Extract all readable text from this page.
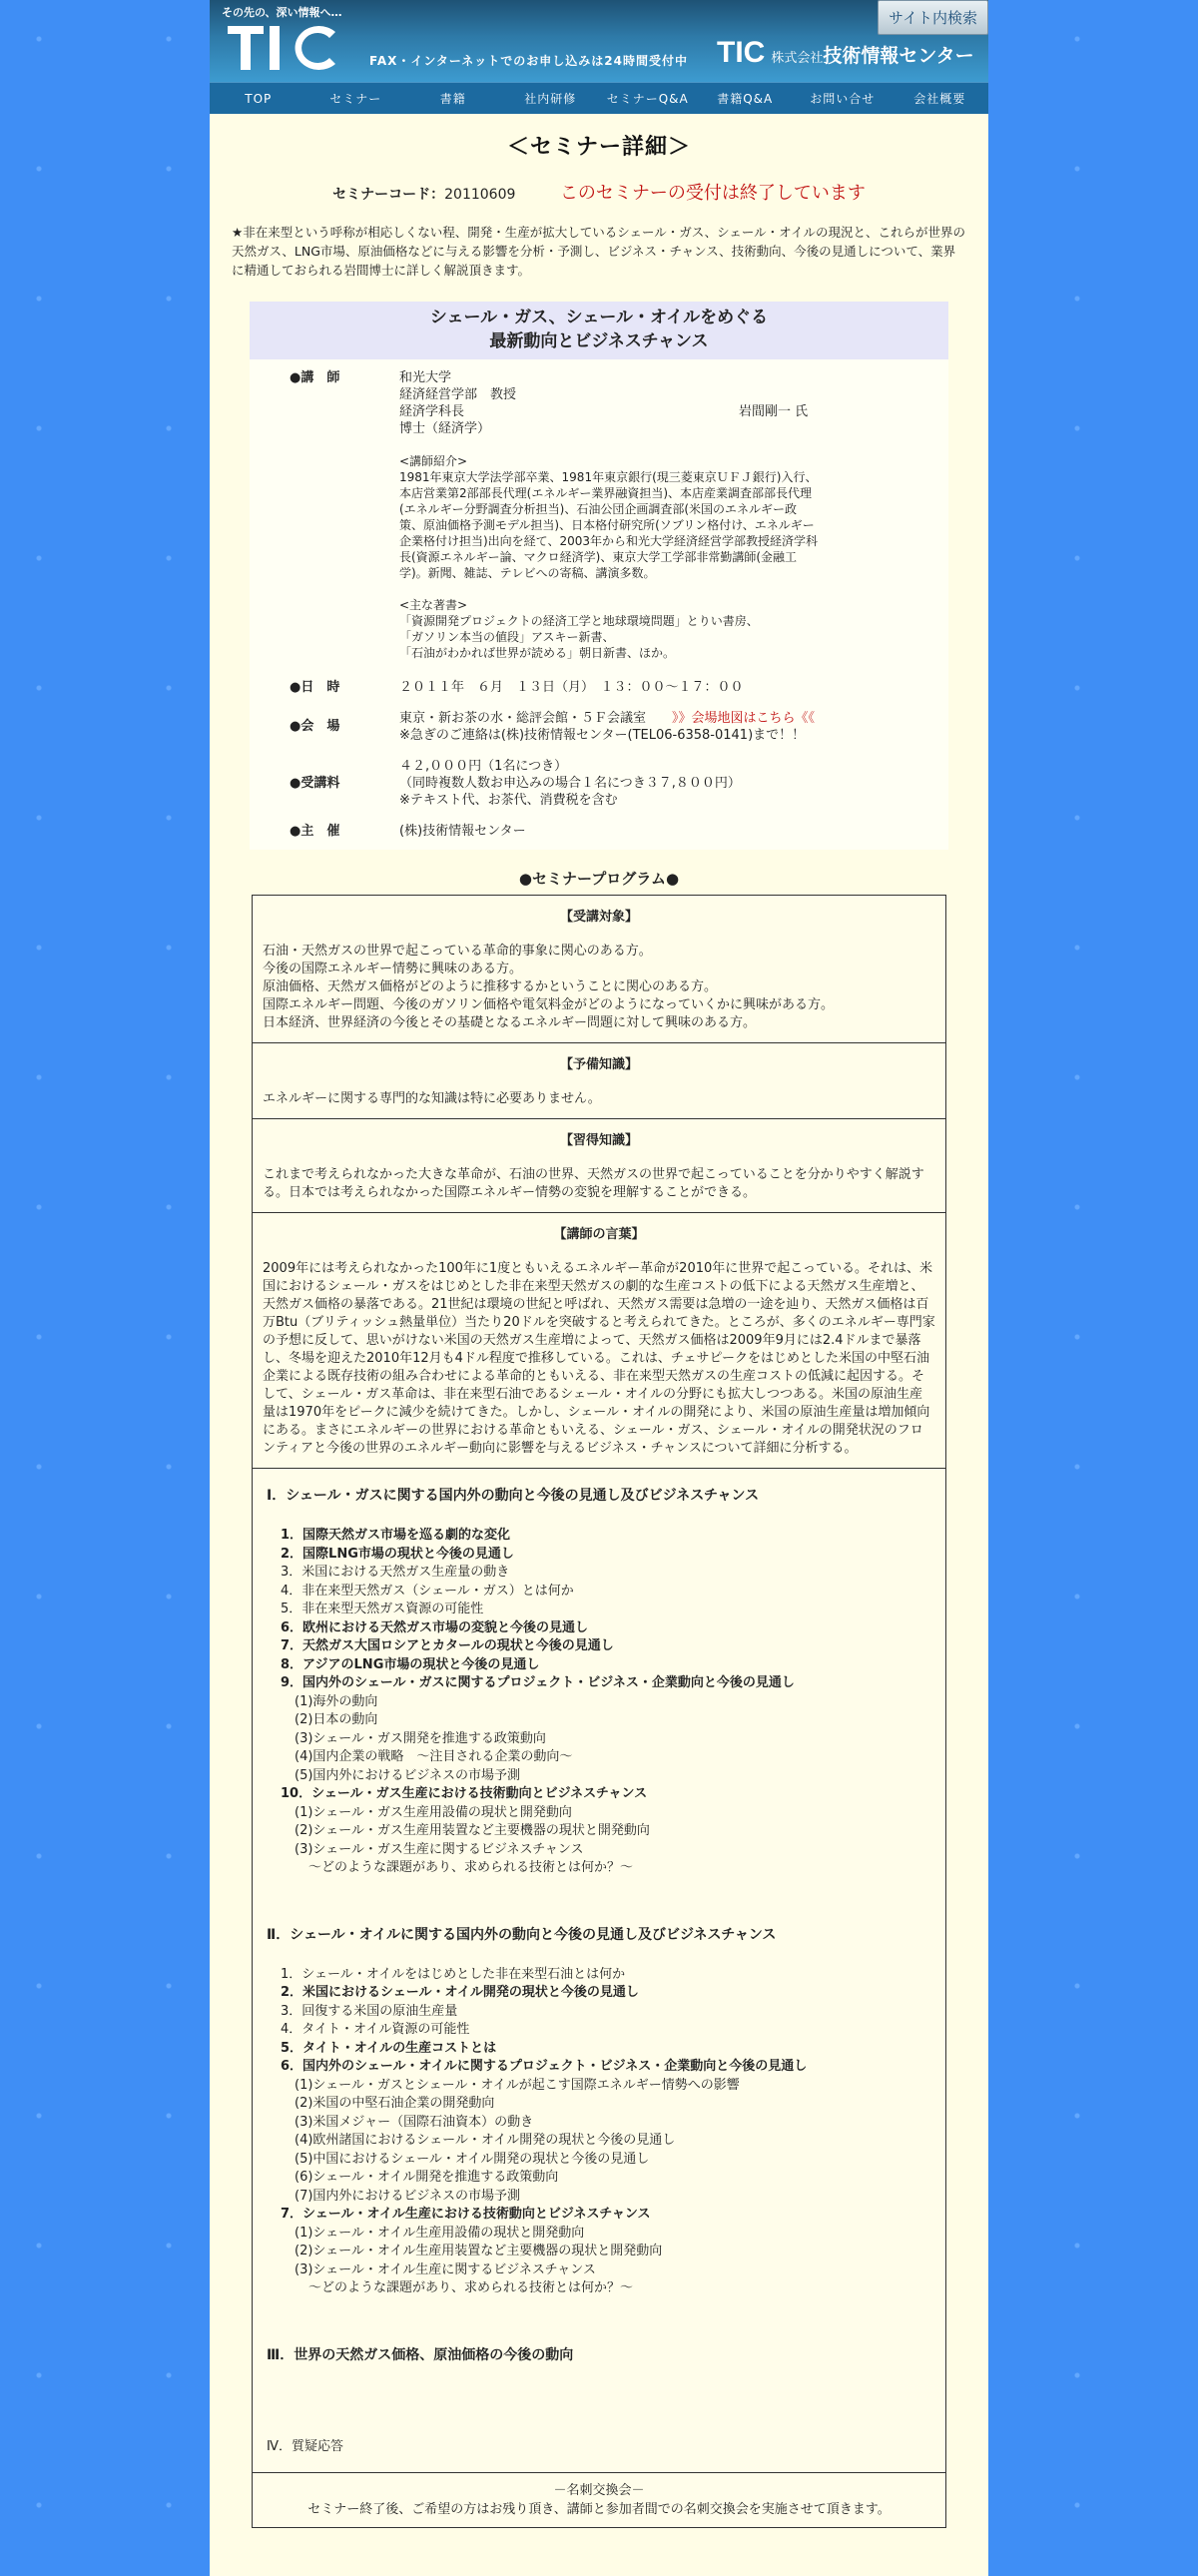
その先の、深い情報へ…
FAX・インターネットでのお申し込みは24時間受付中 TIC 株式会社技術情報センター
サイト内検索
TOP	セミナー	書籍	社内研修	セミナーQ&A	書籍Q&A	お問い合せ	会社概要
＜セミナー詳細＞
セミナーコード：20110609 このセミナーの受付は終了しています
★非在来型という呼称が相応しくない程、開発・生産が拡大しているシェール・ガス、シェール・オイルの現況と、これらが世界の天然ガス、LNG市場、原油価格などに与える影響を分析・予測し、ビジネス・チャンス、技術動向、今後の見通しについて、業界に精通しておられる岩間博士に詳しく解説頂きます。
シェール・ガス、シェール・オイルをめぐる
最新動向とビジネスチャンス
●講　師	和光大学
経済経営学部　教授
経済学科長
博士（経済学）
岩間剛一 氏
<講師紹介>
1981年東京大学法学部卒業、1981年東京銀行(現三菱東京ＵＦＪ銀行)入行、本店営業第2部部長代理(エネルギー業界融資担当)、本店産業調査部部長代理(エネルギー分野調査分析担当)、石油公団企画調査部(米国のエネルギー政策、原油価格予測モデル担当)、日本格付研究所(ソブリン格付け、エネルギー企業格付け担当)出向を経て、2003年から和光大学経済経営学部教授経済学科長(資源エネルギー論、マクロ経済学)、東京大学工学部非常勤講師(金融工学)。新聞、雑誌、テレビへの寄稿、講演多数。
<主な著書>
「資源開発プロジェクトの経済工学と地球環境問題」とりい書房、
「ガソリン本当の値段」アスキー新書、
「石油がわかれば世界が読める」朝日新書、ほか。
●日　時	２０１１年　６月　１３日（月）　１３：００～１７：００
●会　場
東京・新お茶の水・総評会館・５Ｆ会議室　　 》》会場地図はこちら《《
※急ぎのご連絡は(株)技術情報センター(TEL06-6358-0141)まで！！
●受講料
４２,０００円（1名につき）
（同時複数人数お申込みの場合１名につき３７,８００円）
※テキスト代、お茶代、消費税を含む
●主　催	(株)技術情報センター
●セミナープログラム●
【受講対象】
石油・天然ガスの世界で起こっている革命的事象に関心のある方。
今後の国際エネルギー情勢に興味のある方。
原油価格、天然ガス価格がどのように推移するかということに関心のある方。
国際エネルギー問題、今後のガソリン価格や電気料金がどのようになっていくかに興味がある方。
日本経済、世界経済の今後とその基礎となるエネルギー問題に対して興味のある方。
【予備知識】
エネルギーに関する専門的な知識は特に必要ありません。
【習得知識】
これまで考えられなかった大きな革命が、石油の世界、天然ガスの世界で起こっていることを分かりやすく解説する。日本では考えられなかった国際エネルギー情勢の変貌を理解することができる。
【講師の言葉】
2009年には考えられなかった100年に1度ともいえるエネルギー革命が2010年に世界で起こっている。それは、米国におけるシェール・ガスをはじめとした非在来型天然ガスの劇的な生産コストの低下による天然ガス生産増と、天然ガス価格の暴落である。21世紀は環境の世紀と呼ばれ、天然ガス需要は急増の一途を辿り、天然ガス価格は百万Btu（ブリティッシュ熱量単位）当たり20ドルを突破すると考えられてきた。ところが、多くのエネルギー専門家の予想に反して、思いがけない米国の天然ガス生産増によって、天然ガス価格は2009年9月には2.4ドルまで暴落し、冬場を迎えた2010年12月も4ドル程度で推移している。これは、チェサピークをはじめとした米国の中堅石油企業による既存技術の組み合わせによる革命的ともいえる、非在来型天然ガスの生産コストの低減に起因する。そして、シェール・ガス革命は、非在来型石油であるシェール・オイルの分野にも拡大しつつある。米国の原油生産量は1970年をピークに減少を続けてきた。しかし、シェール・オイルの開発により、米国の原油生産量は増加傾向にある。まさにエネルギーの世界における革命ともいえる、シェール・ガス、シェール・オイルの開発状況のフロンティアと今後の世界のエネルギー動向に影響を与えるビジネス・チャンスについて詳細に分析する。
Ⅰ．シェール・ガスに関する国内外の動向と今後の見通し及びビジネスチャンス
1．国際天然ガス市場を巡る劇的な変化
2．国際LNG市場の現状と今後の見通し
3．米国における天然ガス生産量の動き
4．非在来型天然ガス（シェール・ガス）とは何か
5．非在来型天然ガス資源の可能性
6．欧州における天然ガス市場の変貌と今後の見通し
7．天然ガス大国ロシアとカタールの現状と今後の見通し
8．アジアのLNG市場の現状と今後の見通し
9．国内外のシェール・ガスに関するプロジェクト・ビジネス・企業動向と今後の見通し
(1)海外の動向
(2)日本の動向
(3)シェール・ガス開発を推進する政策動向
(4)国内企業の戦略　～注目される企業の動向～
(5)国内外におけるビジネスの市場予測
10．シェール・ガス生産における技術動向とビジネスチャンス
(1)シェール・ガス生産用設備の現状と開発動向
(2)シェール・ガス生産用装置など主要機器の現状と開発動向
(3)シェール・ガス生産に関するビジネスチャンス
～どのような課題があり、求められる技術とは何か？～
Ⅱ．シェール・オイルに関する国内外の動向と今後の見通し及びビジネスチャンス
1．シェール・オイルをはじめとした非在来型石油とは何か
2．米国におけるシェール・オイル開発の現状と今後の見通し
3．回復する米国の原油生産量
4．タイト・オイル資源の可能性
5．タイト・オイルの生産コストとは
6．国内外のシェール・オイルに関するプロジェクト・ビジネス・企業動向と今後の見通し
(1)シェール・ガスとシェール・オイルが起こす国際エネルギー情勢への影響
(2)米国の中堅石油企業の開発動向
(3)米国メジャー（国際石油資本）の動き
(4)欧州諸国におけるシェール・オイル開発の現状と今後の見通し
(5)中国におけるシェール・オイル開発の現状と今後の見通し
(6)シェール・オイル開発を推進する政策動向
(7)国内外におけるビジネスの市場予測
7．シェール・オイル生産における技術動向とビジネスチャンス
(1)シェール・オイル生産用設備の現状と開発動向
(2)シェール・オイル生産用装置など主要機器の現状と開発動向
(3)シェール・オイル生産に関するビジネスチャンス
～どのような課題があり、求められる技術とは何か？～
Ⅲ．世界の天然ガス価格、原油価格の今後の動向
Ⅳ．質疑応答
－名刺交換会－
セミナー終了後、ご希望の方はお残り頂き、講師と参加者間での名刺交換会を実施させて頂きます。
